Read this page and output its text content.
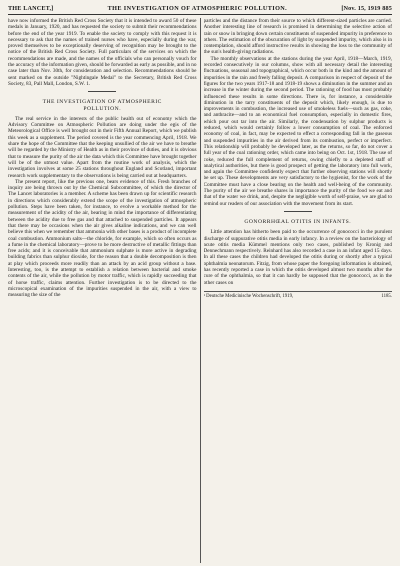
THE LANCET,]	THE INVESTIGATION OF ATMOSPHERIC POLLUTION.	[Nov. 15, 1919 885

have now informed the British Red Cross Society that it is intended to award 50 of these medals in January, 1920, and has requested the society to submit their recommendations before the end of the year 1919. To enable the society to comply with this request it is necessary to ask that the names of trained nurses who have, especially during the war, proved themselves to be exceptionally deserving of recognition may be brought to the notice of the British Red Cross Society. Full particulars of the services on which the recommendations are made, and the names of the officials who can personally vouch for the accuracy of the information given, should be forwarded as early as possible, and in no case later than Nov. 30th, for consideration and selection. Recommendations should be sent marked on the outside "Nightingale Medal" to the Secretary, British Red Cross Society, 83, Pall Mall, London, S.W. 1.

THE INVESTIGATION OF ATMOSPHERIC
POLLUTION.

The real service in the interests of the public health out of economy which the Advisory Committee on Atmospheric Pollution are doing under the egis of the Meteorological Office is well brought out in their Fifth Annual Report, which we publish this week as a supplement. The period covered is the year commencing April, 1918. We share the hope of the Committee that the keeping unsullied of the air we have to breathe will be regarded by the Ministry of Health as in their province of duties, and it is obvious that to measure the purity of the air the data which this Committee have brought together will be of the utmost value. Apart from the routine work of analysis, which the investigation involves at some 25 stations throughout England and Scotland, important research work supplementary to the observations is being carried out at headquarters.

The present report, like the previous one, bears evidence of this. Fresh branches of inquiry are being thrown out by the Chemical Subcommittee, of which the director of The Lancet laboratories is a member. A scheme has been drawn up for scientific research in directions which considerably extend the scope of the investigation of atmospheric pollution. Steps have been taken, for instance, to evolve a workable method for the measurement of the acidity of the air, bearing in mind the importance of differentiating between the acidity due to free gas and that attached to suspended particles. It appears that there may be occasions when the air gives alkaline indications, and we can well believe this when we remember that ammonia with other bases is a product of incomplete coal combustion. Ammonium salts—the chloride, for example, which so often occurs as a fume in the chemical laboratory—prove to be more destructive of metallic fittings than free acids; and it is conceivable that ammonium sulphate is more active in degrading building fabrics than sulphur dioxide, for the reason that a double decomposition is then at play which proceeds more readily than an attack by an acid group without a base. Interesting, too, is the attempt to establish a relation between bacterial and smoke contents of the air, while the pollution by motor traffic, which is rapidly succeeding that of horse traffic, claims attention. Further investigation is to be directed to the microscopical examination of the impurities suspended in the air, with a view to measuring the size of the

particles and the distance from their source to which different-sized particles are carried. Another interesting line of research is promised in determining the selective action of rain or snow in bringing down certain constituents of suspended impurity in preference to others. The estimation of the obscuration of light by suspended impurity, which also is in contemplation, should afford instructive results in showing the loss to the community of the sun's health-giving radiations.

The monthly observations at the stations during the year April, 1918—March, 1919, recorded consecutively in our columns, show with all necessary detail the interesting fluctuations, seasonal and topographical, which occur both in the kind and the amount of impurities in the rain and freely falling deposit. A comparison in respect of deposit of the figures for the two years 1917-18 and 1918-19 shows a diminution in the summer and an increase in the winter during the second period. The rationing of food has most probably influenced these results in some directions. There is, for instance, a considerable diminution in the tarry constituents of the deposit which, likely enough, is due to improvements in combustion, the increased use of smokeless fuels—such as gas, coke, and anthracite—and to an economical fuel consumption, especially in domestic fires, which pour out tar into the air. Similarly, the condensation by sulphur products is reduced, which would certainly follow a lower consumption of coal. The enforced economy of coal, in fact, may be expected to effect a corresponding fall in the gaseous and suspended impurities in the air derived from its combustion, perfect or imperfect. This relationship will probably be developed later, as the returns, so far, do not cover a full year of the coal rationing order, which came into being on Oct. 1st, 1918. The use of coke, reduced the full complement of returns, owing chiefly to a depleted staff of analytical authorities, but there is good prospect of getting the laboratory into full work, and again the Committee confidently expect that further observing stations will shortly be set up. These developments are very satisfactory to the hygienist, for the work of the Committee must have a close bearing on the health and well-being of the community. The purity of the air we breathe shares in importance the purity of the food we eat and that of the water we drink, and, despite the negligible worth of self-praise, we are glad to remind our readers of our association with the movement from its start.

GONORRHŒAL OTITIS IN INFANTS.

Little attention has hitherto been paid to the occurrence of gonococci in the purulent discharge of suppurative otitis media in early infancy. In a review on the bacteriology of acute otitis media Kümmel mentions only two cases, published by Kronig and Dennechmann respectively. Reinhard has also recorded a case in an infant aged 15 days. In all these cases the children had developed the otitis during or shortly after a typical ophthalmia neonatorum. Fitzig, from whose paper the foregoing information is obtained, has recently reported a case in which the otitis developed almost two months after the cure of the ophthalmia, so that it can hardly be supposed that the gonococci, as in the other cases on

¹ Deutsche Medicinische Wochenschrift, 1919,	1185.
